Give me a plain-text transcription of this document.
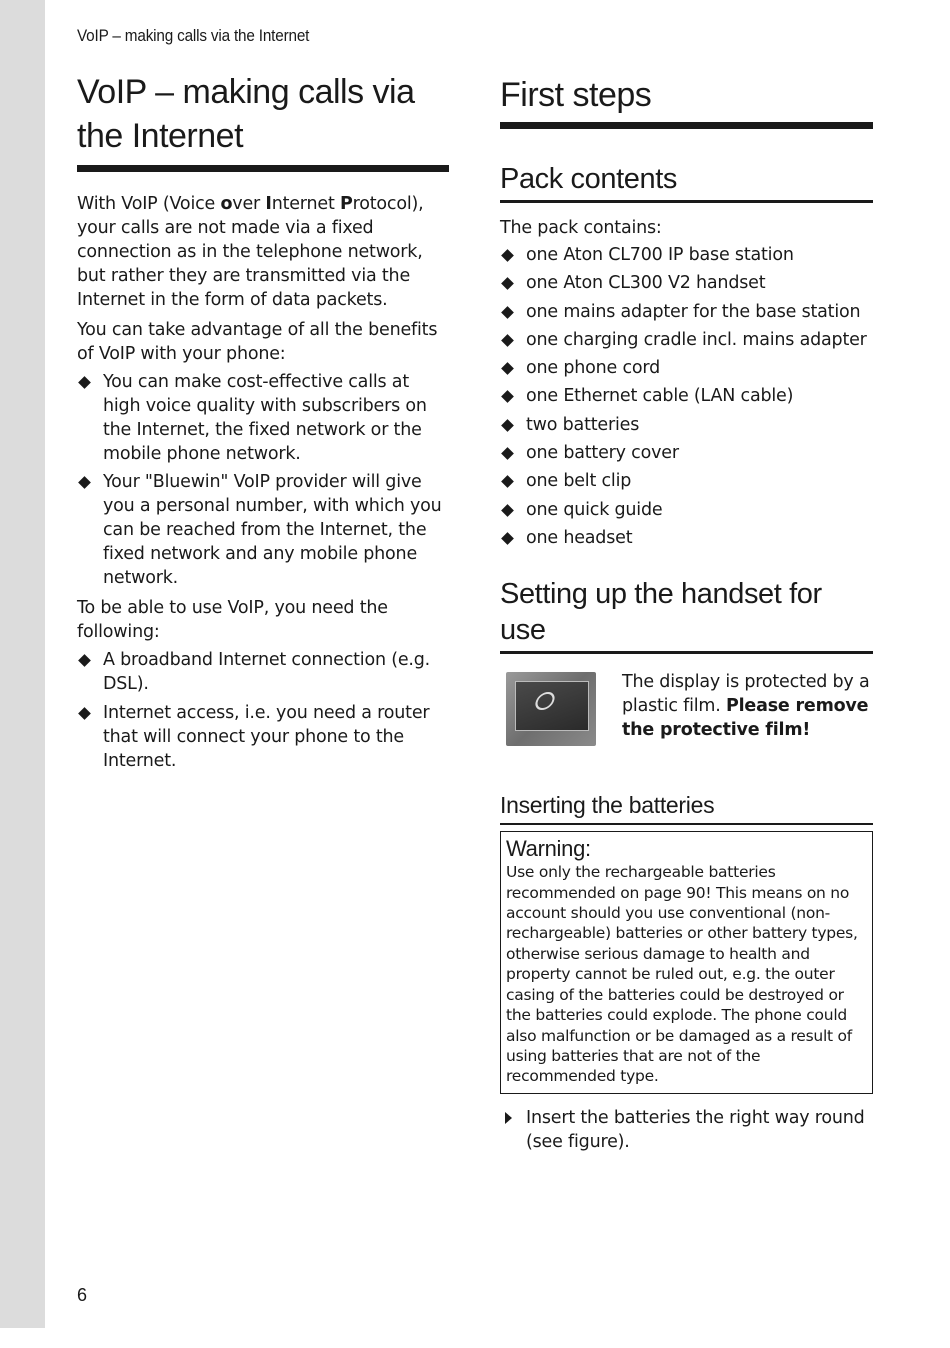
VoIP – making calls via the Internet
VoIP – making calls via
the Internet

With VoIP (Voice over Internet Protocol), your calls are not made via a fixed connection as in the telephone network, but rather they are transmitted via the Internet in the form of data packets.

You can take advantage of all the benefits of VoIP with your phone:

You can make cost-effective calls at high voice quality with subscribers on the Internet, the fixed network or the mobile phone network.
Your "Bluewin" VoIP provider will give you a personal number, with which you can be reached from the Internet, the fixed network and any mobile phone network.

To be able to use VoIP, you need the following:

A broadband Internet connection (e.g. DSL).
Internet access, i.e. you need a router that will connect your phone to the Internet.
First steps
Pack contents

The pack contains:

one Aton CL700 IP base station
one Aton CL300 V2 handset
one mains adapter for the base station
one charging cradle incl. mains adapter
one phone cord
one Ethernet cable (LAN cable)
two batteries
one battery cover
one belt clip
one quick guide
one headset
Setting up the handset for use
The display is protected by a plastic film. Please remove the protective film!
Inserting the batteries
Warning:
Use only the rechargeable batteries recommended on page 90! This means on no account should you use conventional (non-rechargeable) batteries or other battery types, otherwise serious damage to health and property cannot be ruled out, e.g. the outer casing of the batteries could be destroyed or the batteries could explode. The phone could also malfunction or be damaged as a result of using batteries that are not of the recommended type.
Insert the batteries the right way round (see figure).
6
